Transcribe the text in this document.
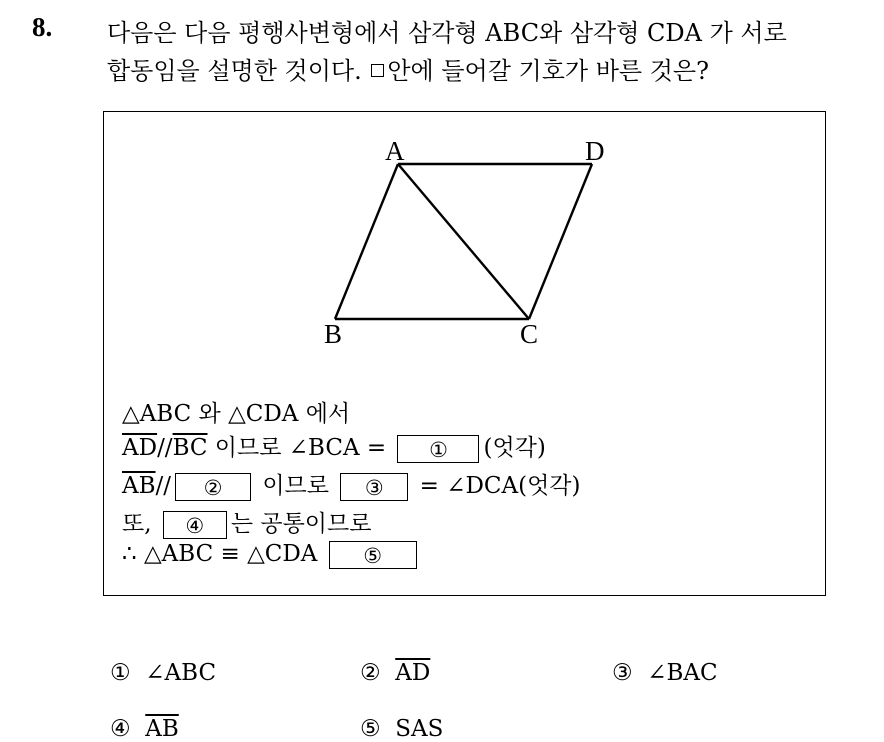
8. 다음은 다음 평행사변형에서 삼각형 ABC와 삼각형 CDA 가 서로
합동임을 설명한 것이다. 안에 들어갈 기호가 바른 것은?
A	D
B	C
△ABC 와 △CDA 에서
$\overline{AD}//\overline{BC}$ 이므로 ∠BCA = ① (엇각)
$\overline{AB}//$ ② 이므로 ③ = ∠DCA(엇각)
또, ④ 는 공통이므로
∴ △ABC ≡ △CDA ⑤
① ∠ABC	② $\overline{AD}$	③ ∠BAC
④ $\overline{AB}$	⑤ SAS
